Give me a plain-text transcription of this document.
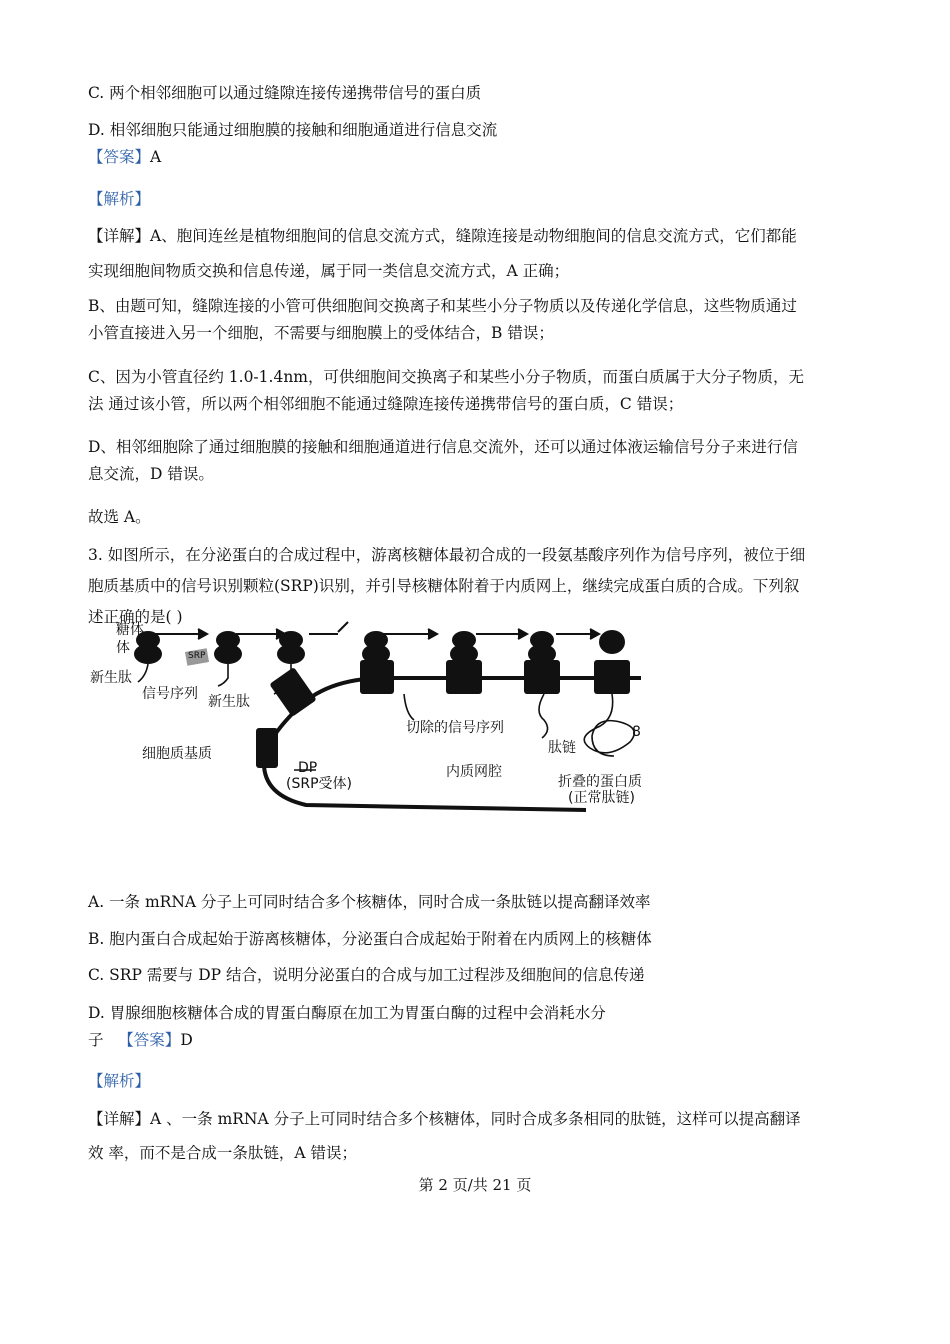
C. 两个相邻细胞可以通过缝隙连接传递携带信号的蛋白质
D. 相邻细胞只能通过细胞膜的接触和细胞通道进行信息交流
【答案】A
【解析】
【详解】A、胞间连丝是植物细胞间的信息交流方式，缝隙连接是动物细胞间的信息交流方式，它们都能
实现细胞间物质交换和信息传递，属于同一类信息交流方式，A 正确；
B、由题可知，缝隙连接的小管可供细胞间交换离子和某些小分子物质以及传递化学信息，这些物质通过
小管直接进入另一个细胞，不需要与细胞膜上的受体结合，B 错误；
C、因为小管直径约 1.0-1.4nm，可供细胞间交换离子和某些小分子物质，而蛋白质属于大分子物质，无
法 通过该小管，所以两个相邻细胞不能通过缝隙连接传递携带信号的蛋白质，C 错误；
D、相邻细胞除了通过细胞膜的接触和细胞通道进行信息交流外，还可以通过体液运输信号分子来进行信
息交流，D 错误。
故选 A。
3. 如图所示，在分泌蛋白的合成过程中，游离核糖体最初合成的一段氨基酸序列作为信号序列，被位于细
胞质基质中的信号识别颗粒(SRP)识别，并引导核糖体附着于内质网上，继续完成蛋白质的合成。下列叙
述正确的是( )
糖体
体
新生肽
信号序列
SRP
新生肽
细胞质基质
DP
(SRP受体)
切除的信号序列
肽链
内质网腔
折叠的蛋白质
(正常肽链)
8
A. 一条 mRNA 分子上可同时结合多个核糖体，同时合成一条肽链以提高翻译效率
B. 胞内蛋白合成起始于游离核糖体，分泌蛋白合成起始于附着在内质网上的核糖体
C. SRP 需要与 DP 结合，说明分泌蛋白的合成与加工过程涉及细胞间的信息传递
D. 胃腺细胞核糖体合成的胃蛋白酶原在加工为胃蛋白酶的过程中会消耗水分
子 【答案】D
【解析】
【详解】A 、一条 mRNA 分子上可同时结合多个核糖体，同时合成多条相同的肽链，这样可以提高翻译
效 率，而不是合成一条肽链，A 错误；
第 2 页/共 21 页
